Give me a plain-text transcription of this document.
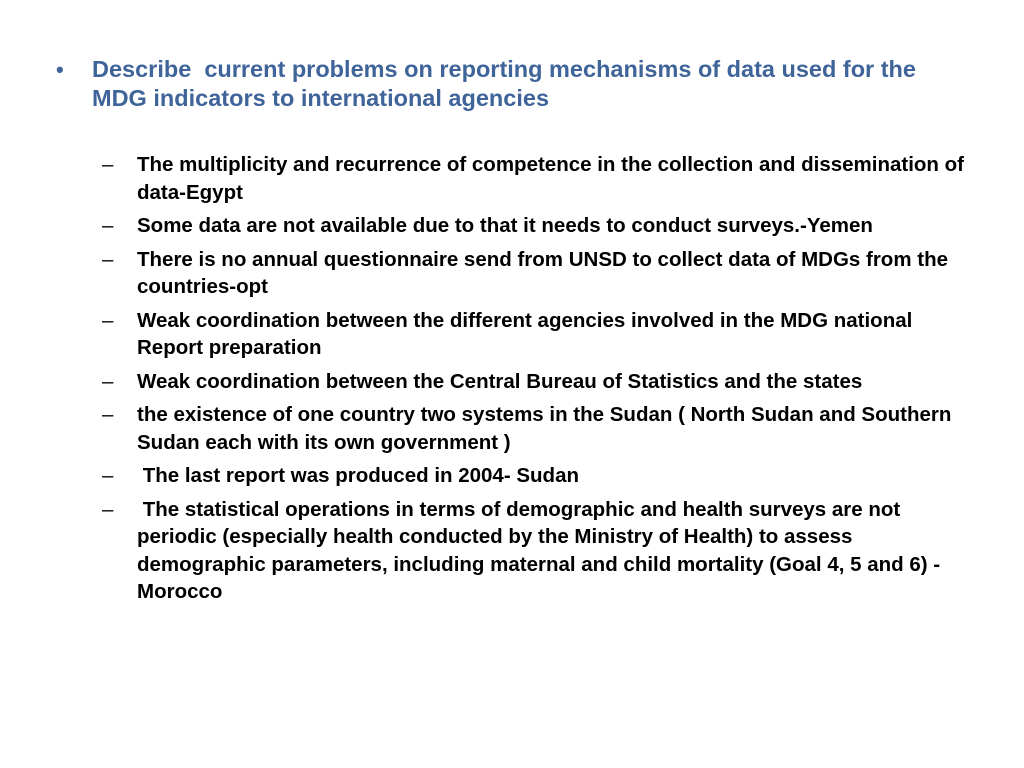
•	Describe  current problems on reporting mechanisms of data used for the MDG indicators to international agencies
–	The multiplicity and recurrence of competence in the collection and dissemination of data-Egypt
–	Some data are not available due to that it needs to conduct surveys.-Yemen
–	There is no annual questionnaire send from UNSD to collect data of MDGs from the countries-opt
–	Weak coordination between the different agencies involved in the MDG national Report preparation
–	Weak coordination between the Central Bureau of Statistics and the states
–	the existence of one country two systems in the Sudan ( North Sudan and Southern Sudan each with its own government )
–	The last report was produced in 2004- Sudan
–	The statistical operations in terms of demographic and health surveys are not periodic (especially health conducted by the Ministry of Health) to assess demographic parameters, including maternal and child mortality (Goal 4, 5 and 6) - Morocco
